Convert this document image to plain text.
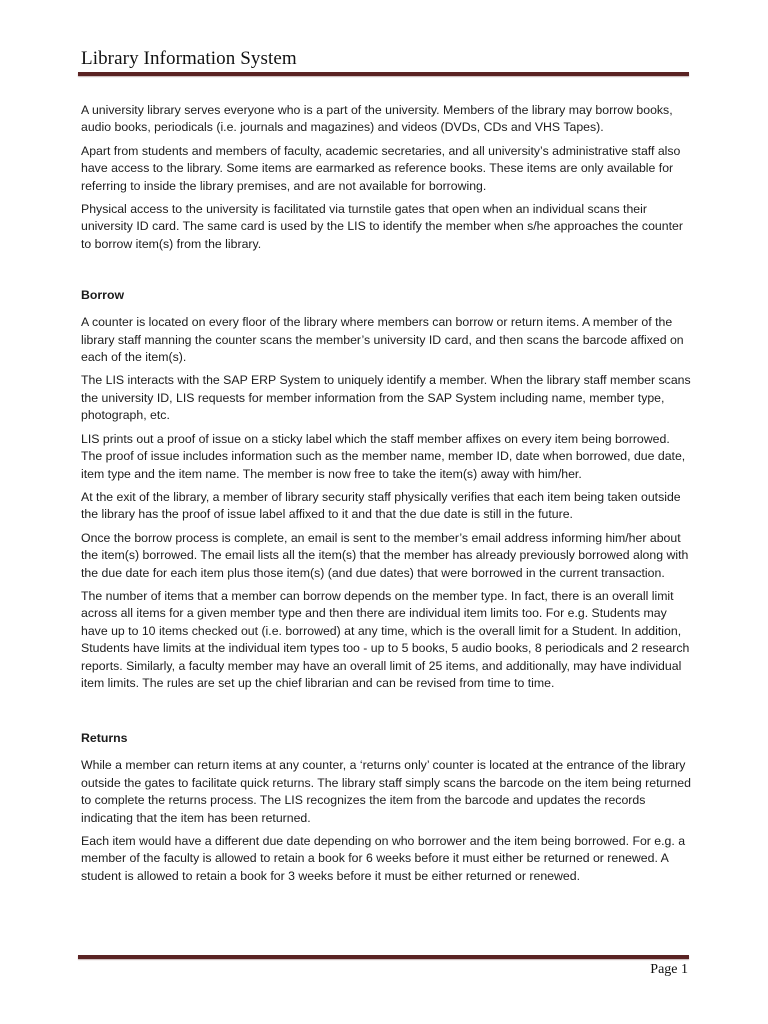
Library Information System

A university library serves everyone who is a part of the university. Members of the library may borrow books, audio books, periodicals (i.e. journals and magazines) and videos (DVDs, CDs and VHS Tapes).

Apart from students and members of faculty, academic secretaries, and all university’s administrative staff also have access to the library. Some items are earmarked as reference books. These items are only available for referring to inside the library premises, and are not available for borrowing.

Physical access to the university is facilitated via turnstile gates that open when an individual scans their university ID card. The same card is used by the LIS to identify the member when s/he approaches the counter to borrow item(s) from the library.

Borrow

A counter is located on every floor of the library where members can borrow or return items. A member of the library staff manning the counter scans the member’s university ID card, and then scans the barcode affixed on each of the item(s).

The LIS interacts with the SAP ERP System to uniquely identify a member. When the library staff member scans the university ID, LIS requests for member information from the SAP System including name, member type, photograph, etc.

LIS prints out a proof of issue on a sticky label which the staff member affixes on every item being borrowed. The proof of issue includes information such as the member name, member ID, date when borrowed, due date, item type and the item name. The member is now free to take the item(s) away with him/her.

At the exit of the library, a member of library security staff physically verifies that each item being taken outside the library has the proof of issue label affixed to it and that the due date is still in the future.

Once the borrow process is complete, an email is sent to the member’s email address informing him/her about the item(s) borrowed. The email lists all the item(s) that the member has already previously borrowed along with the due date for each item plus those item(s) (and due dates) that were borrowed in the current transaction.

The number of items that a member can borrow depends on the member type. In fact, there is an overall limit across all items for a given member type and then there are individual item limits too. For e.g. Students may have up to 10 items checked out (i.e. borrowed) at any time, which is the overall limit for a Student. In addition, Students have limits at the individual item types too - up to 5 books, 5 audio books, 8 periodicals and 2 research reports. Similarly, a faculty member may have an overall limit of 25 items, and additionally, may have individual item limits. The rules are set up the chief librarian and can be revised from time to time.

Returns

While a member can return items at any counter, a ‘returns only’ counter is located at the entrance of the library outside the gates to facilitate quick returns. The library staff simply scans the barcode on the item being returned to complete the returns process. The LIS recognizes the item from the barcode and updates the records indicating that the item has been returned.

Each item would have a different due date depending on who borrower and the item being borrowed. For e.g. a member of the faculty is allowed to retain a book for 6 weeks before it must either be returned or renewed. A student is allowed to retain a book for 3 weeks before it must be either returned or renewed.

Page 1
